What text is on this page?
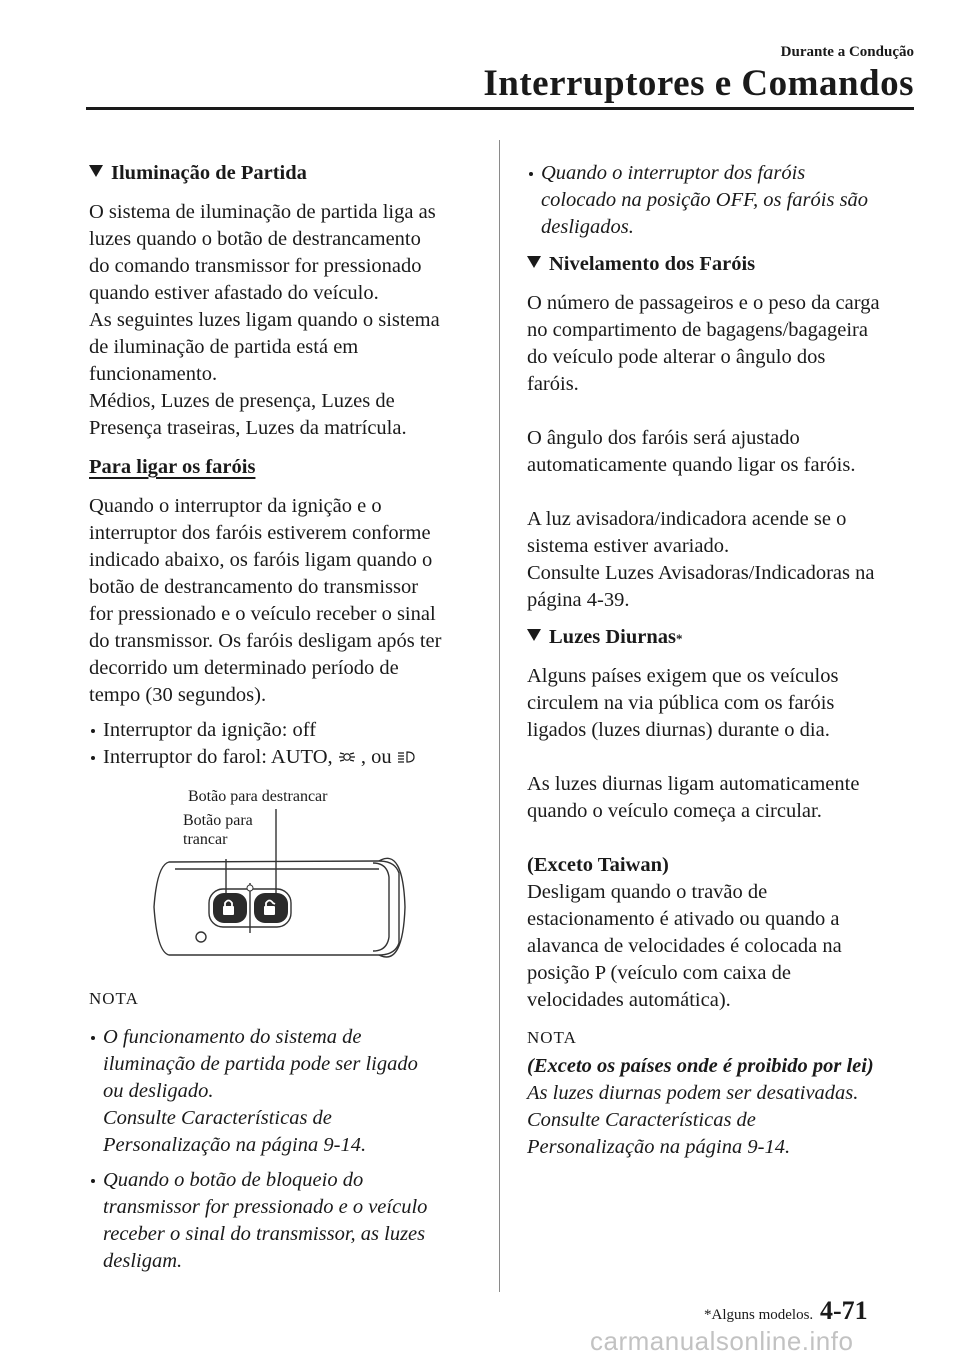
Durante a Condução
Interruptores e Comandos
Iluminação de Partida
O sistema de iluminação de partida liga as
luzes quando o botão de destrancamento
do comando transmissor for pressionado
quando estiver afastado do veículo.
As seguintes luzes ligam quando o sistema
de iluminação de partida está em
funcionamento.
Médios, Luzes de presença, Luzes de
Presença traseiras, Luzes da matrícula.
Para ligar os faróis
Quando o interruptor da ignição e o
interruptor dos faróis estiverem conforme
indicado abaixo, os faróis ligam quando o
botão de destrancamento do transmissor
for pressionado e o veículo receber o sinal
do transmissor. Os faróis desligam após ter
decorrido um determinado período de
tempo (30 segundos).
Interruptor da ignição: off
Interruptor do farol: AUTO,  , ou
Botão para destrancar
Botão para
trancar
NOTA
O funcionamento do sistema de
iluminação de partida pode ser ligado
ou desligado.
Consulte Características de
Personalização na página 9-14.
Quando o botão de bloqueio do
transmissor for pressionado e o veículo
receber o sinal do transmissor, as luzes
desligam.
Quando o interruptor dos faróis
colocado na posição OFF, os faróis são
desligados.
Nivelamento dos Faróis
O número de passageiros e o peso da carga
no compartimento de bagagens/bagageira
do veículo pode alterar o ângulo dos
faróis.
O ângulo dos faróis será ajustado
automaticamente quando ligar os faróis.
A luz avisadora/indicadora acende se o
sistema estiver avariado.
Consulte Luzes Avisadoras/Indicadoras na
página 4-39.
Luzes Diurnas *
Alguns países exigem que os veículos
circulem na via pública com os faróis
ligados (luzes diurnas) durante o dia.
As luzes diurnas ligam automaticamente
quando o veículo começa a circular.
(Exceto Taiwan)
Desligam quando o travão de
estacionamento é ativado ou quando a
alavanca de velocidades é colocada na
posição P (veículo com caixa de
velocidades automática).
NOTA
(Exceto os países onde é proibido por lei)
As luzes diurnas podem ser desativadas.
Consulte Características de
Personalização na página 9-14.
*Alguns modelos. 4-71
carmanualsonline.info
